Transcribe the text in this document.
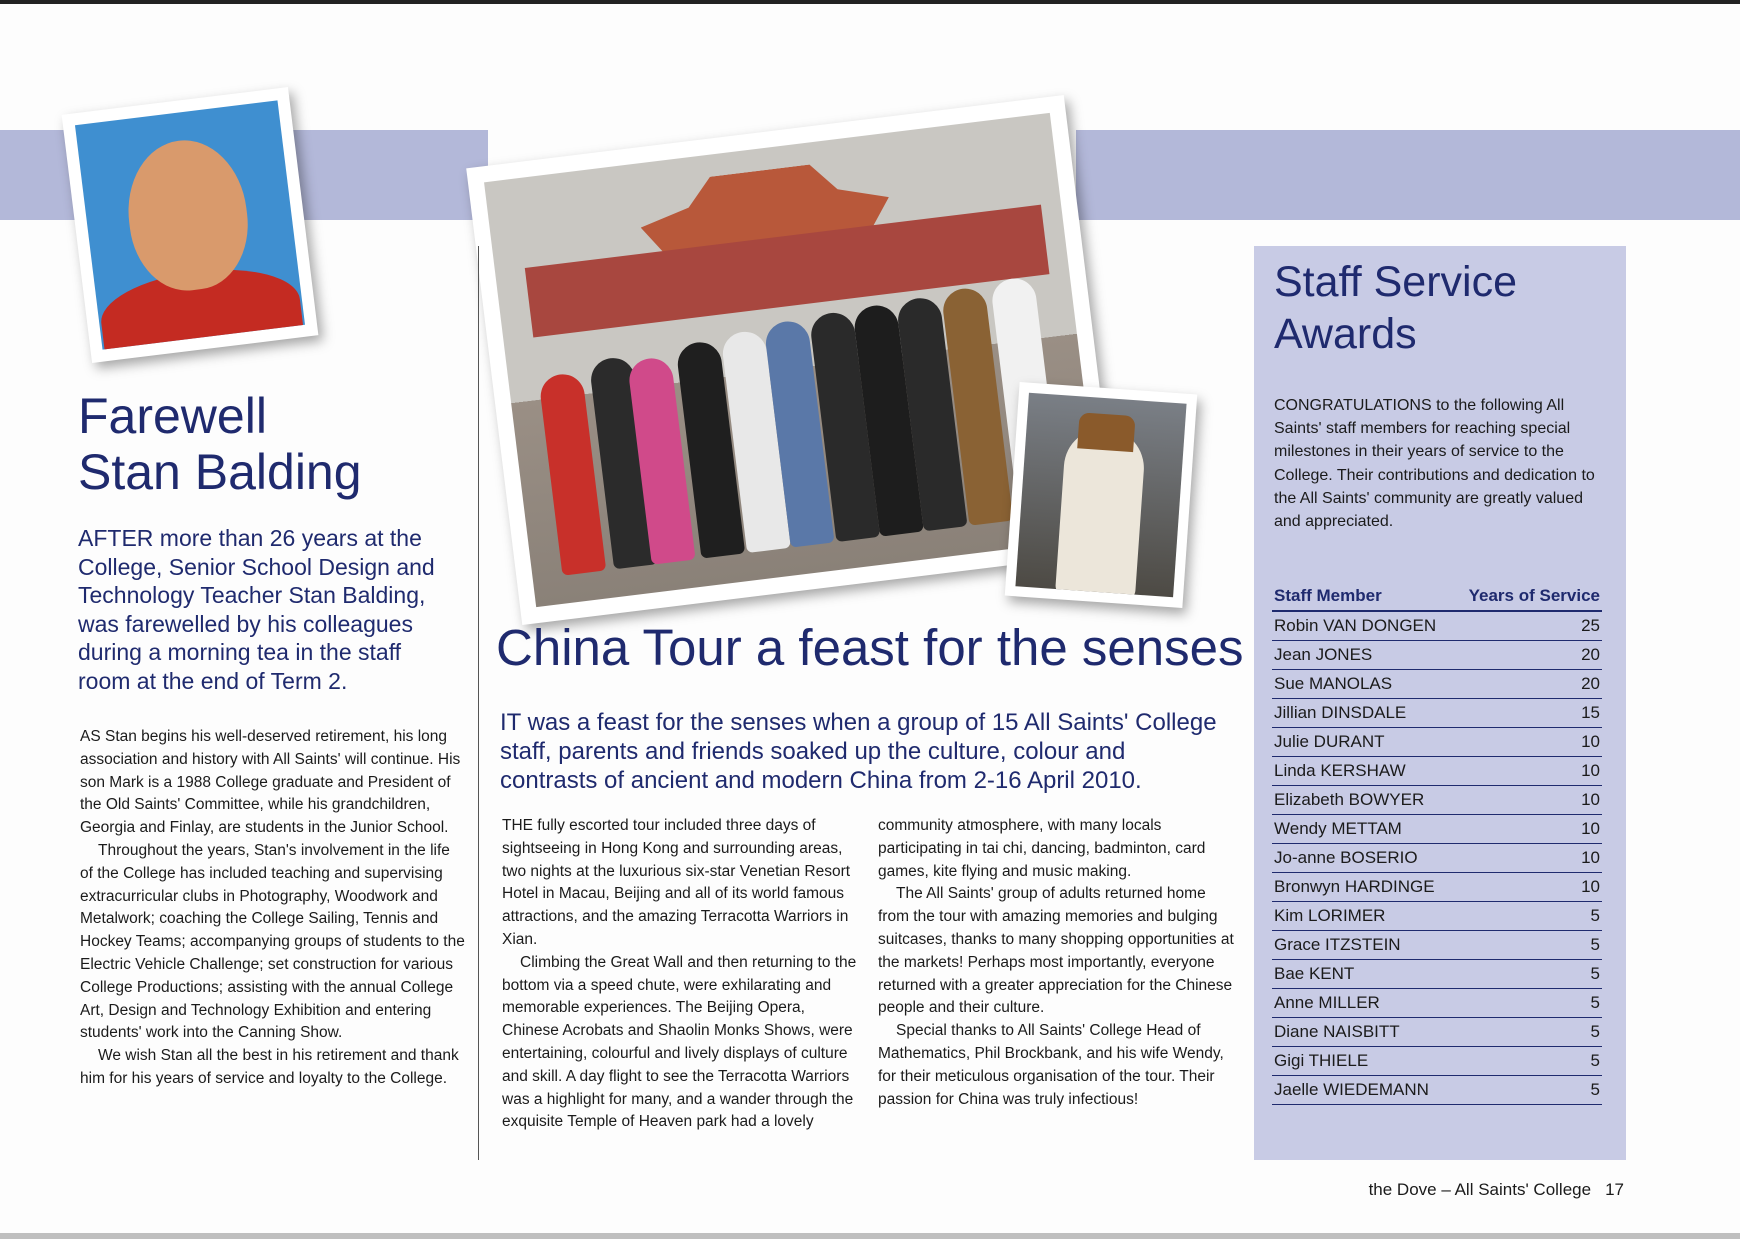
Farewell
Stan Balding

AFTER more than 26 years at the College, Senior School Design and Technology Teacher Stan Balding, was farewelled by his colleagues during a morning tea in the staff room at the end of Term 2.

AS Stan begins his well-deserved retirement, his long association and history with All Saints' will continue. His son Mark is a 1988 College graduate and President of the Old Saints' Committee, while his grandchildren, Georgia and Finlay, are students in the Junior School.

Throughout the years, Stan's involvement in the life of the College has included teaching and supervising extracurricular clubs in Photography, Woodwork and Metalwork; coaching the College Sailing, Tennis and Hockey Teams; accompanying groups of students to the Electric Vehicle Challenge; set construction for various College Productions; assisting with the annual College Art, Design and Technology Exhibition and entering students' work into the Canning Show.

We wish Stan all the best in his retirement and thank him for his years of service and loyalty to the College.

China Tour a feast for the senses

IT was a feast for the senses when a group of 15 All Saints' College staff, parents and friends soaked up the culture, colour and contrasts of ancient and modern China from 2-16 April 2010.

THE fully escorted tour included three days of sightseeing in Hong Kong and surrounding areas, two nights at the luxurious six-star Venetian Resort Hotel in Macau, Beijing and all of its world famous attractions, and the amazing Terracotta Warriors in Xian.

Climbing the Great Wall and then returning to the bottom via a speed chute, were exhilarating and memorable experiences. The Beijing Opera, Chinese Acrobats and Shaolin Monks Shows, were entertaining, colourful and lively displays of culture and skill. A day flight to see the Terracotta Warriors was a highlight for many, and a wander through the exquisite Temple of Heaven park had a lovely

community atmosphere, with many locals participating in tai chi, dancing, badminton, card games, kite flying and music making.

The All Saints' group of adults returned home from the tour with amazing memories and bulging suitcases, thanks to many shopping opportunities at the markets! Perhaps most importantly, everyone returned with a greater appreciation for the Chinese people and their culture.

Special thanks to All Saints' College Head of Mathematics, Phil Brockbank, and his wife Wendy, for their meticulous organisation of the tour. Their passion for China was truly infectious!

Staff Service
Awards

CONGRATULATIONS to the following All Saints' staff members for reaching special milestones in their years of service to the College. Their contributions and dedication to the All Saints' community are greatly valued and appreciated.

Staff Member	Years of Service
Robin VAN DONGEN	25
Jean JONES	20
Sue MANOLAS	20
Jillian DINSDALE	15
Julie DURANT	10
Linda KERSHAW	10
Elizabeth BOWYER	10
Wendy METTAM	10
Jo-anne BOSERIO	10
Bronwyn HARDINGE	10
Kim LORIMER	5
Grace ITZSTEIN	5
Bae KENT	5
Anne MILLER	5
Diane NAISBITT	5
Gigi THIELE	5
Jaelle WIEDEMANN	5
the Dove – All Saints' College 17
